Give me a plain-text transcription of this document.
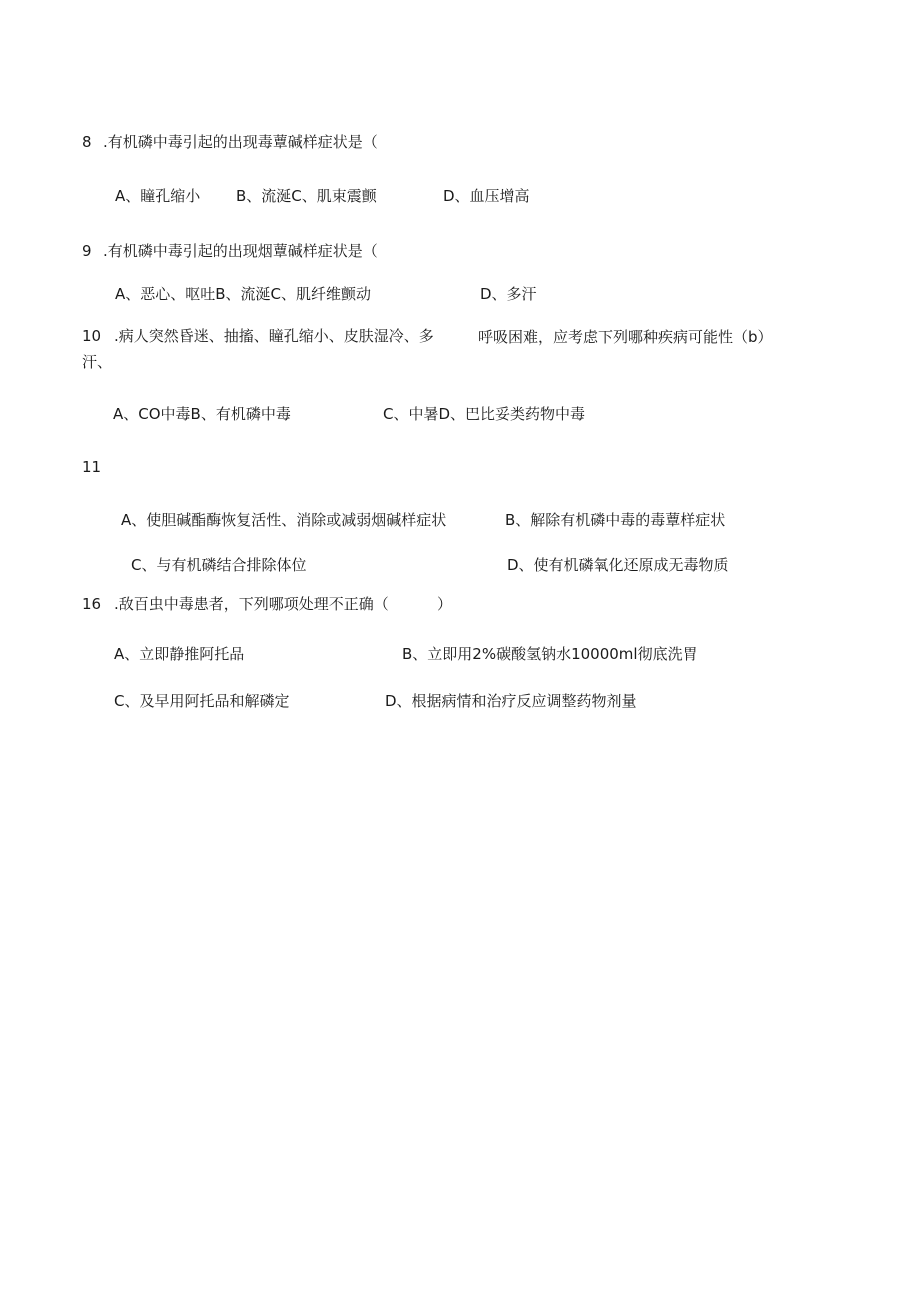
8 .有机磷中毒引起的出现毒蕈碱样症状是（
A、瞳孔缩小 B、流涎C、肌束震颤	D、血压增高
9 .有机磷中毒引起的出现烟蕈碱样症状是（
A、恶心、呕吐B、流涎C、肌纤维颤动	D、多汗
10 .病人突然昏迷、抽搐、瞳孔缩小、皮肤湿冷、多	呼吸困难，应考虑下列哪种疾病可能性（b）
汗、
A、CO中毒B、有机磷中毒	C、中暑D、巴比妥类药物中毒
11
A、使胆碱酯酶恢复活性、消除或减弱烟碱样症状	B、解除有机磷中毒的毒蕈样症状
C、与有机磷结合排除体位	D、使有机磷氧化还原成无毒物质
16 .敌百虫中毒患者，下列哪项处理不正确（	）
A、立即静推阿托品	B、立即用2%碳酸氢钠水10000ml彻底洗胃
C、及早用阿托品和解磷定	D、根据病情和治疗反应调整药物剂量
